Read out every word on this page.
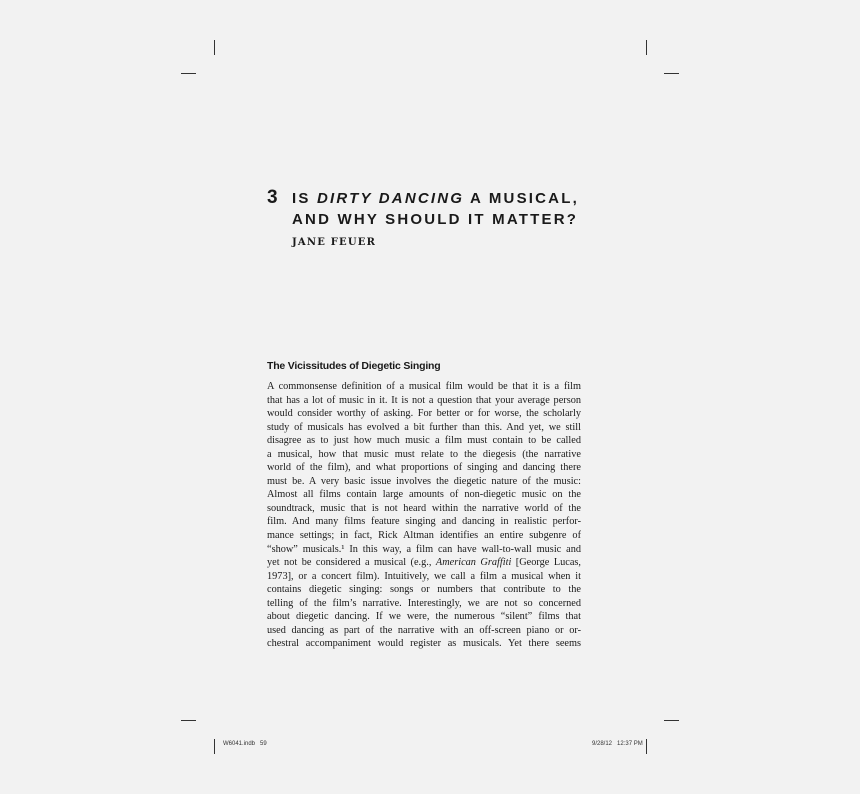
3 IS DIRTY DANCING A MUSICAL,
AND WHY SHOULD IT MATTER?
JANE FEUER
The Vicissitudes of Diegetic Singing
A commonsense definition of a musical film would be that it is a film
that has a lot of music in it. It is not a question that your average person
would consider worthy of asking. For better or for worse, the scholarly
study of musicals has evolved a bit further than this. And yet, we still
disagree as to just how much music a film must contain to be called
a musical, how that music must relate to the diegesis (the narrative
world of the film), and what proportions of singing and dancing there
must be. A very basic issue involves the diegetic nature of the music:
Almost all films contain large amounts of non-diegetic music on the
soundtrack, music that is not heard within the narrative world of the
film. And many films feature singing and dancing in realistic perfor-
mance settings; in fact, Rick Altman identifies an entire subgenre of
“show” musicals.¹ In this way, a film can have wall-to-wall music and
yet not be considered a musical (e.g., American Graffiti [George Lucas,
1973], or a concert film). Intuitively, we call a film a musical when it
contains diegetic singing: songs or numbers that contribute to the
telling of the film’s narrative. Interestingly, we are not so concerned
about diegetic dancing. If we were, the numerous “silent” films that
used dancing as part of the narrative with an off-screen piano or or-
chestral accompaniment would register as musicals. Yet there seems
W6041.indb   59	9/28/12   12:37 PM
